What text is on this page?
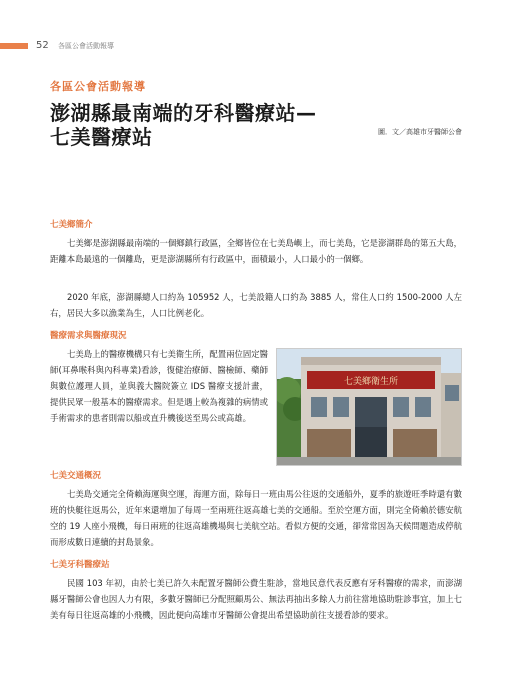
52 各區公會活動報導
各區公會活動報導
澎湖縣最南端的牙科醫療站—
七美醫療站	圖．文／高雄市牙醫師公會
七美鄉簡介

七美鄉是澎湖縣最南端的一個鄉鎮行政區，全鄉皆位在七美島嶼上，而七美島，它是澎湖群島的第五大島，距離本島最遠的一個離島，更是澎湖縣所有行政區中，面積最小，人口最小的一個鄉。

2020 年底，澎湖縣總人口約為 105952 人，七美設籍人口約為 3885 人，常住人口約 1500-2000 人左右，居民大多以漁業為生，人口比例老化。

醫療需求與醫療現況

七美島上的醫療機構只有七美衛生所，配置兩位固定醫師(耳鼻喉科與內科專業)看診，復健治療師、醫檢師、藥師與數位護理人員，並與義大醫院簽立 IDS 醫療支援計畫，提供民眾一般基本的醫療需求。但是遇上較為複雜的病情或手術需求的患者則需以船或直升機後送至馬公或高雄。

七美鄉衛生所
七美交通概況

七美島交通完全倚賴海運與空運，海運方面，除每日一班由馬公往返的交通船外，夏季的旅遊旺季時還有數班的快艇往返馬公，近年來還增加了每周一至兩班往返高雄七美的交通船。至於空運方面，則完全倚賴於德安航空的 19 人座小飛機，每日兩班的往返高雄機場與七美航空站。看似方便的交通，卻常常因為天候問題造成停航而形成數日連續的封島景象。

七美牙科醫療站

民國 103 年初，由於七美已許久未配置牙醫師公費生駐診，當地民意代表反應有牙科醫療的需求，而澎湖縣牙醫師公會也因人力有限，多數牙醫師已分配照顧馬公、無法再抽出多餘人力前往當地協助駐診事宜，加上七美有每日往返高雄的小飛機，因此便向高雄市牙醫師公會提出希望協助前往支援看診的要求。
